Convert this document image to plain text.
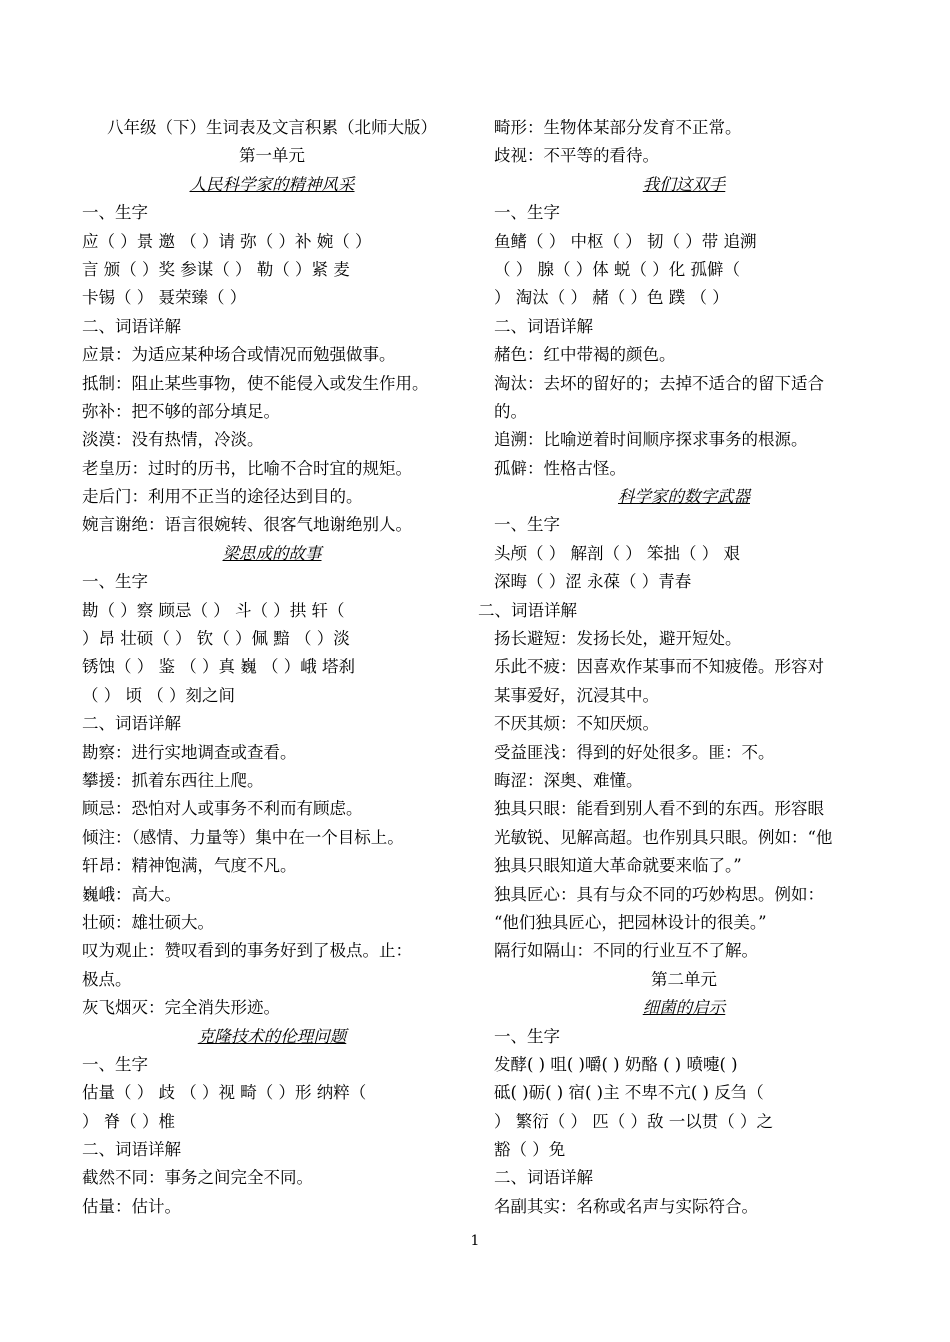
八年级（下）生词表及文言积累（北师大版）
第一单元
人民科学家的精神风采
一、生字
应（ ）景 邀 （ ）请 弥（ ）补 婉（ ）
言 颁（ ）奖 参谋（ ） 勒（ ）紧 麦
卡锡（ ） 聂荣臻（ ）
二、词语详解
应景：为适应某种场合或情况而勉强做事。
抵制：阻止某些事物，使不能侵入或发生作用。
弥补：把不够的部分填足。
淡漠：没有热情，冷淡。
老皇历：过时的历书，比喻不合时宜的规矩。
走后门：利用不正当的途径达到目的。
婉言谢绝：语言很婉转、很客气地谢绝别人。
梁思成的故事
一、生字
勘（ ）察 顾忌（ ） 斗（ ）拱 轩（
）昂 壮硕（ ） 钦（ ）佩 黯 （ ）淡
锈蚀（ ） 鉴 （ ）真 巍 （ ）峨 塔刹
（ ） 顷 （ ）刻之间
二、词语详解
勘察：进行实地调查或查看。
攀援：抓着东西往上爬。
顾忌：恐怕对人或事务不利而有顾虑。
倾注：（感情、力量等）集中在一个目标上。
轩昂：精神饱满，气度不凡。
巍峨：高大。
壮硕：雄壮硕大。
叹为观止：赞叹看到的事务好到了极点。止：
极点。
灰飞烟灭：完全消失形迹。
克隆技术的伦理问题
一、生字
估量（ ） 歧 （ ）视 畸（ ）形 纳粹（
） 脊（ ）椎
二、词语详解
截然不同：事务之间完全不同。
估量：估计。
畸形：生物体某部分发育不正常。
歧视：不平等的看待。
我们这双手
一、生字
鱼鳍（ ） 中枢（ ） 韧（ ）带 追溯
（ ） 腺（ ）体 蜕（ ）化 孤僻（
） 淘汰（ ） 赭（ ）色 蹼 （ ）
二、词语详解
赭色：红中带褐的颜色。
淘汰：去坏的留好的；去掉不适合的留下适合
的。
追溯：比喻逆着时间顺序探求事务的根源。
孤僻：性格古怪。
科学家的数字武器
一、生字
头颅（ ） 解剖（ ） 笨拙（ ） 艰
深晦（ ）涩 永葆（ ）青春
二、词语详解
扬长避短：发扬长处，避开短处。
乐此不疲：因喜欢作某事而不知疲倦。形容对
某事爱好，沉浸其中。
不厌其烦：不知厌烦。
受益匪浅：得到的好处很多。匪：不。
晦涩：深奥、难懂。
独具只眼：能看到别人看不到的东西。形容眼
光敏锐、见解高超。也作别具只眼。例如：“他
独具只眼知道大革命就要来临了。”
独具匠心：具有与众不同的巧妙构思。例如：
“他们独具匠心，把园林设计的很美。”
隔行如隔山：不同的行业互不了解。
第二单元
细菌的启示
一、生字
发酵( ) 咀( )嚼( ) 奶酪 ( ) 喷嚏( )
砥( )砺( ) 宿( )主 不卑不亢( ) 反刍（
） 繁衍（ ） 匹（ ）敌 一以贯（ ）之
豁（ ）免
二、词语详解
名副其实：名称或名声与实际符合。
1
